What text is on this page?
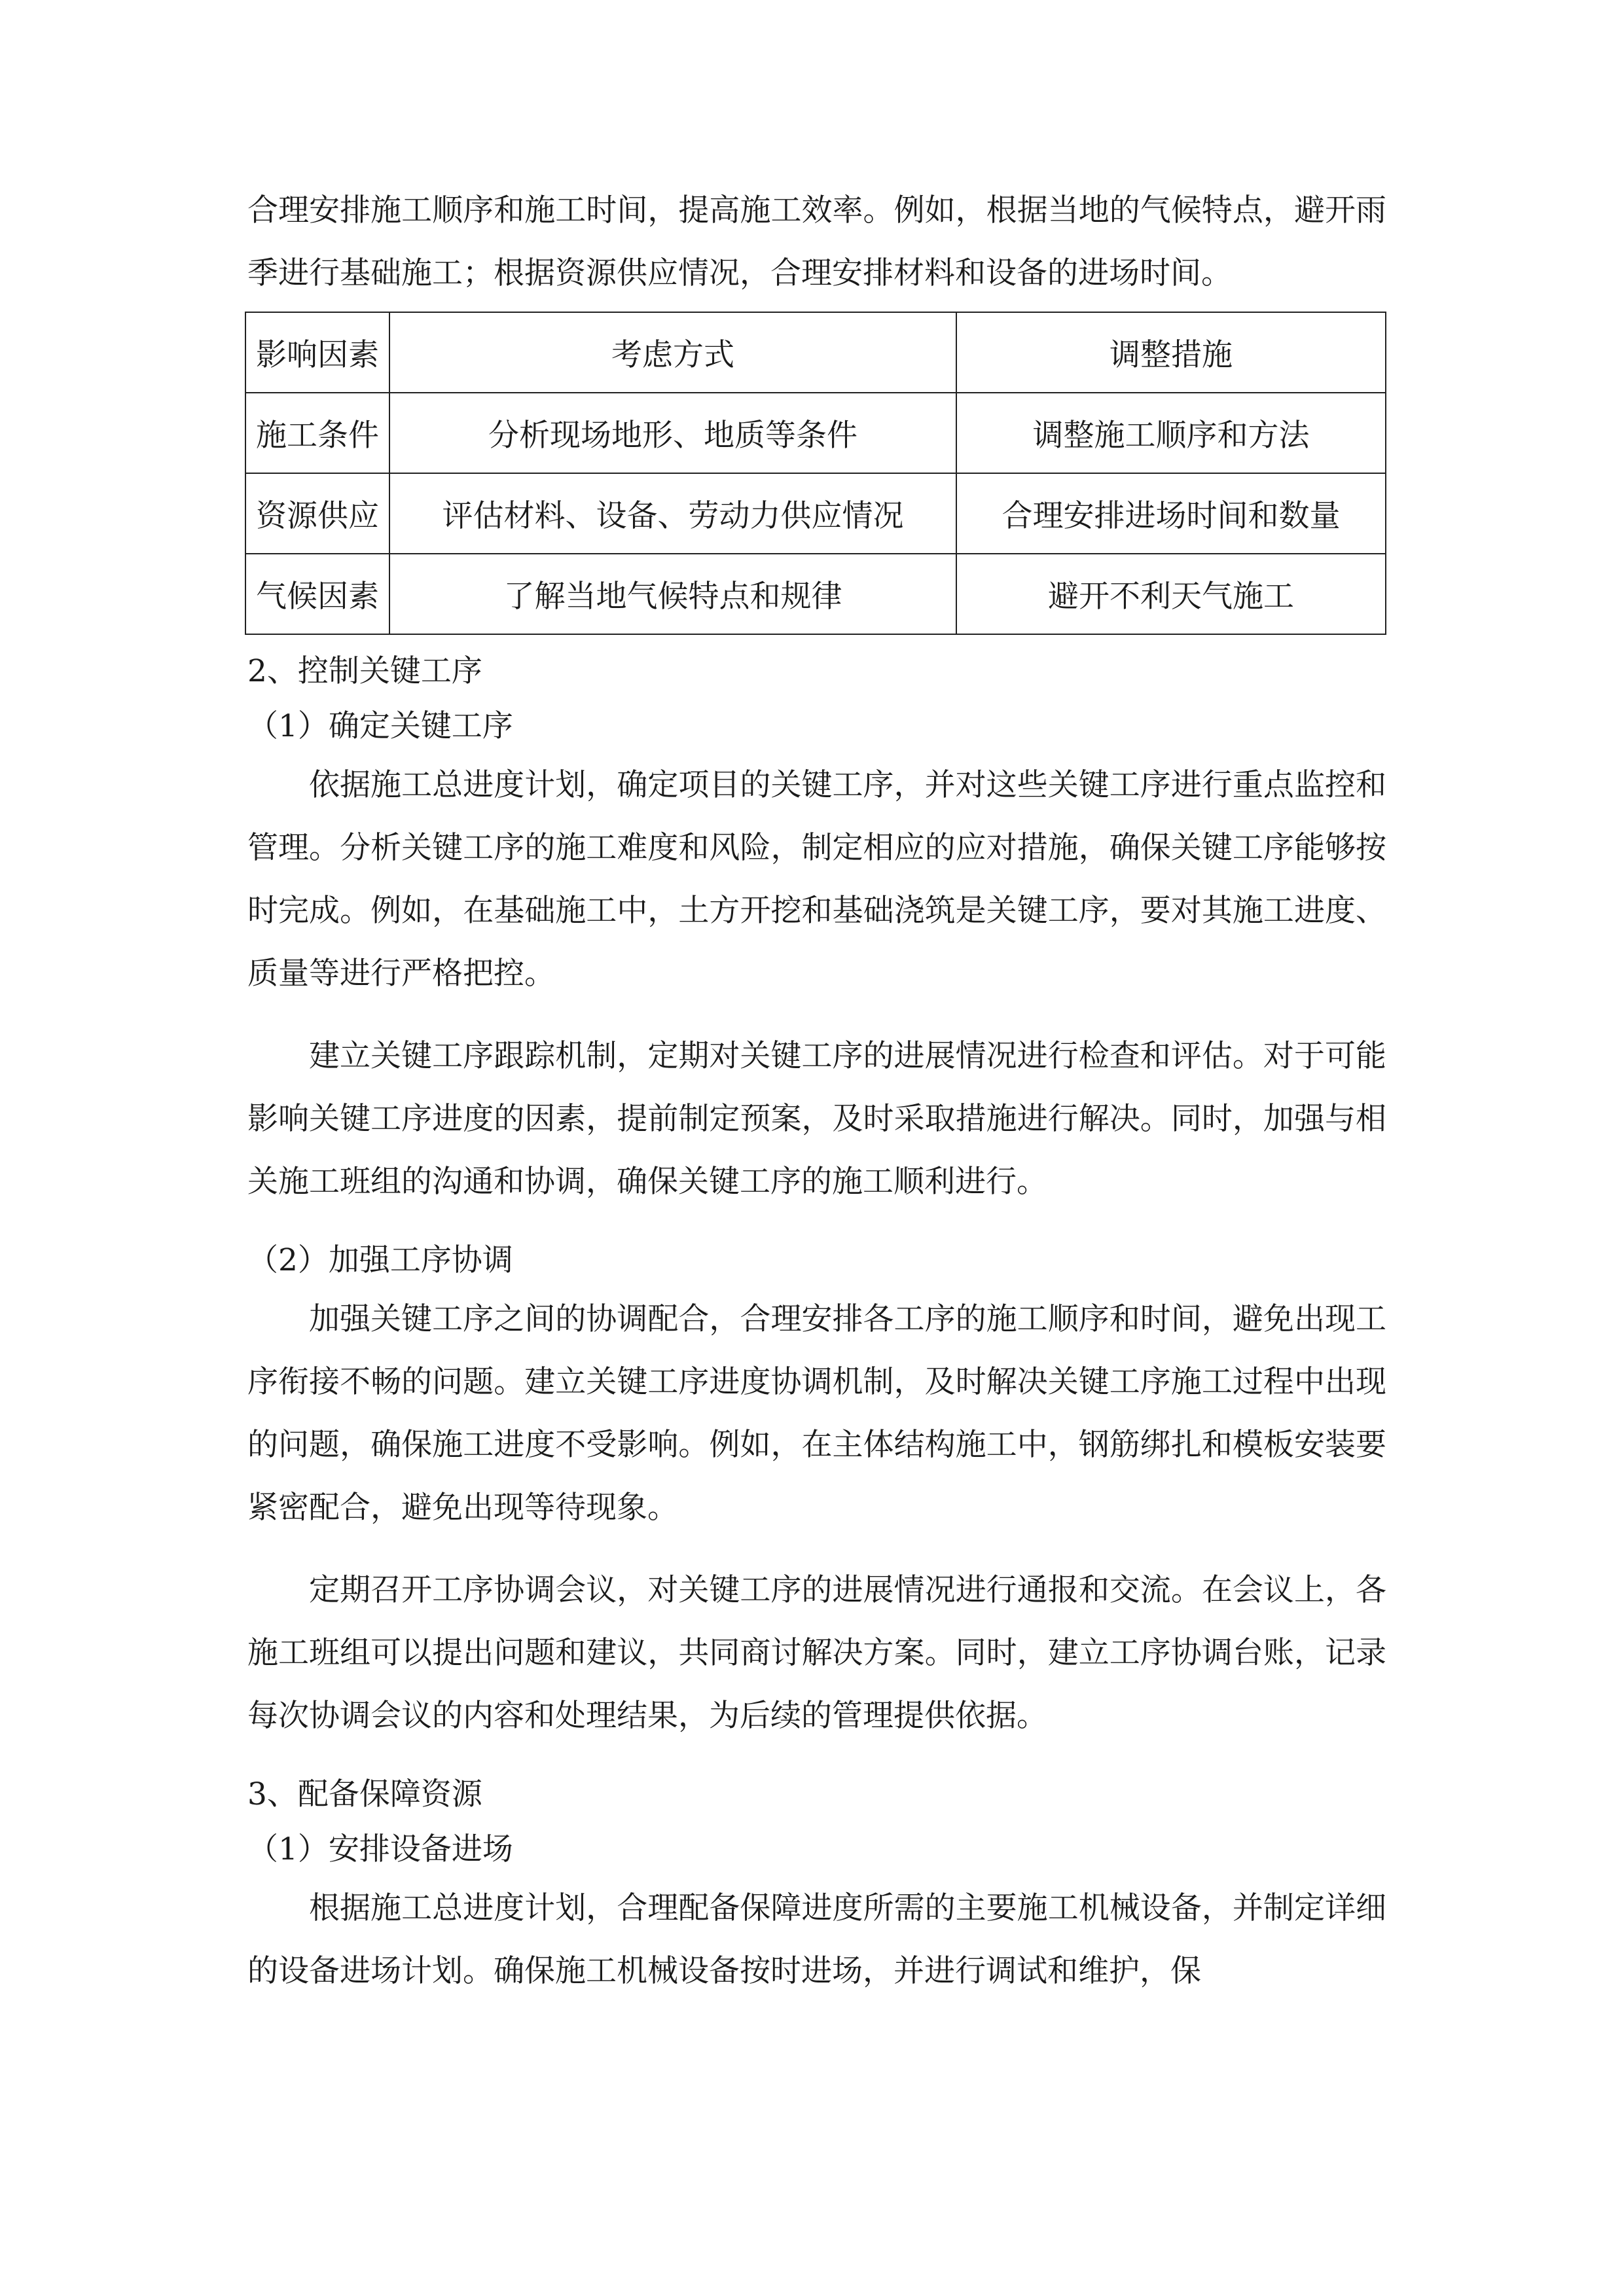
合理安排施工顺序和施工时间，提高施工效率。例如，根据当地的气候特点，避开雨季进行基础施工；根据资源供应情况，合理安排材料和设备的进场时间。

影响因素	考虑方式	调整措施
施工条件	分析现场地形、地质等条件	调整施工顺序和方法
资源供应	评估材料、设备、劳动力供应情况	合理安排进场时间和数量
气候因素	了解当地气候特点和规律	避开不利天气施工

2、控制关键工序

（1）确定关键工序

依据施工总进度计划，确定项目的关键工序，并对这些关键工序进行重点监控和管理。分析关键工序的施工难度和风险，制定相应的应对措施，确保关键工序能够按时完成。例如，在基础施工中，土方开挖和基础浇筑是关键工序，要对其施工进度、质量等进行严格把控。

建立关键工序跟踪机制，定期对关键工序的进展情况进行检查和评估。对于可能影响关键工序进度的因素，提前制定预案，及时采取措施进行解决。同时，加强与相关施工班组的沟通和协调，确保关键工序的施工顺利进行。

（2）加强工序协调

加强关键工序之间的协调配合，合理安排各工序的施工顺序和时间，避免出现工序衔接不畅的问题。建立关键工序进度协调机制，及时解决关键工序施工过程中出现的问题，确保施工进度不受影响。例如，在主体结构施工中，钢筋绑扎和模板安装要紧密配合，避免出现等待现象。

定期召开工序协调会议，对关键工序的进展情况进行通报和交流。在会议上，各施工班组可以提出问题和建议，共同商讨解决方案。同时，建立工序协调台账，记录每次协调会议的内容和处理结果，为后续的管理提供依据。

3、配备保障资源

（1）安排设备进场

根据施工总进度计划，合理配备保障进度所需的主要施工机械设备，并制定详细的设备进场计划。确保施工机械设备按时进场，并进行调试和维护，保
